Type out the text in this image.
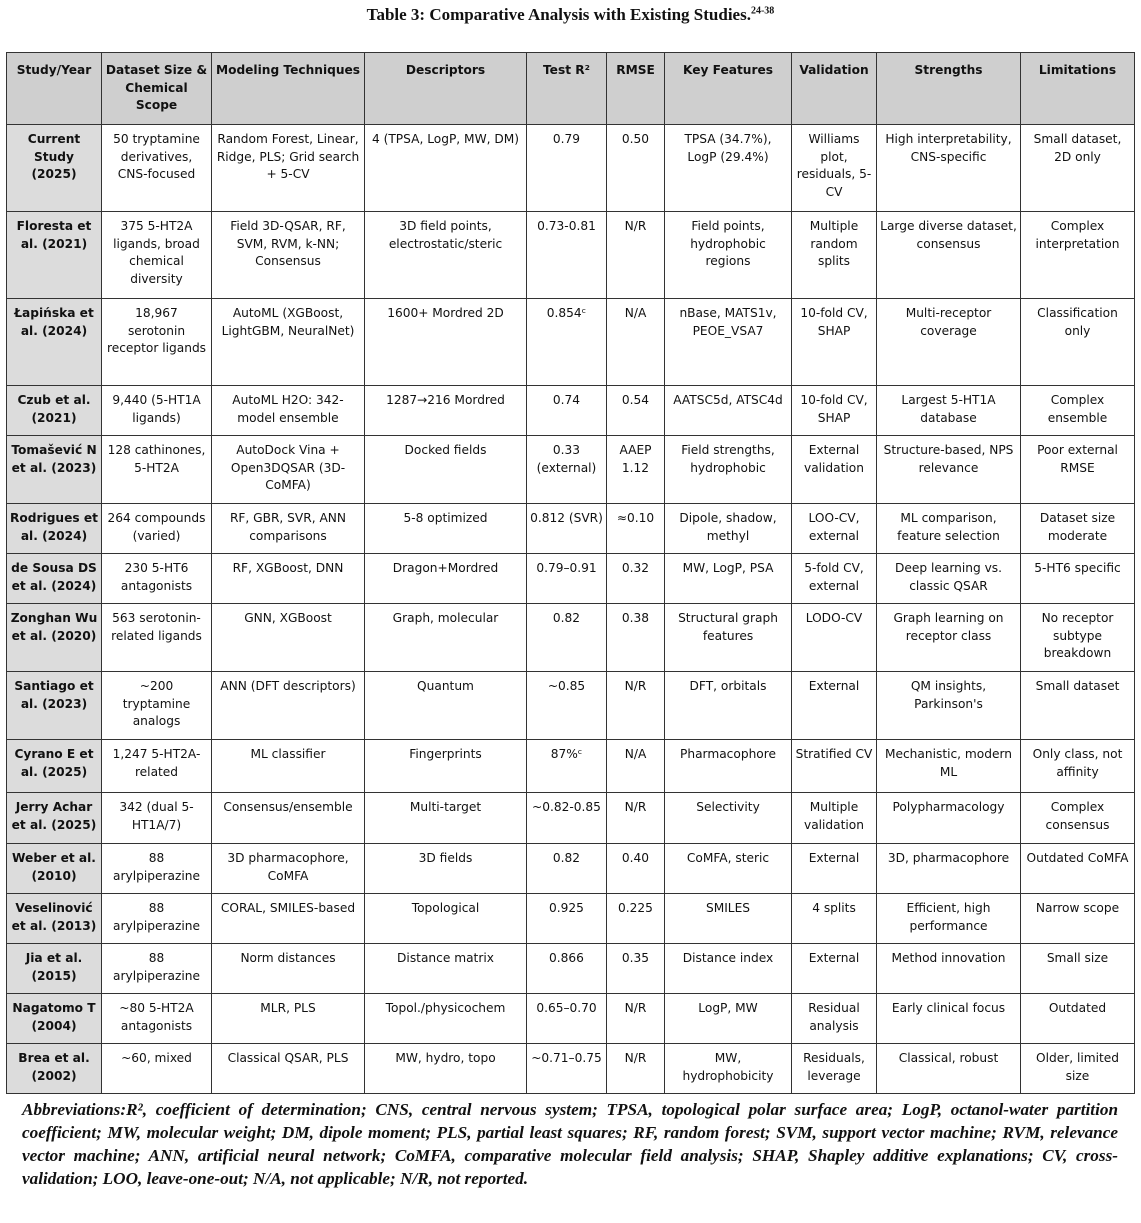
Table 3: Comparative Analysis with Existing Studies.$^{24-38}$
Study/Year	Dataset Size & Chemical Scope	Modeling Techniques	Descriptors	Test R²	RMSE	Key Features	Validation	Strengths	Limitations
Current Study (2025)	50 tryptamine derivatives, CNS-focused	Random Forest, Linear, Ridge, PLS; Grid search + 5-CV	4 (TPSA, LogP, MW, DM)	0.79	0.50	TPSA (34.7%), LogP (29.4%)	Williams plot, residuals, 5-CV	High interpretability, CNS-specific	Small dataset, 2D only
Floresta et al. (2021)	375 5-HT2A ligands, broad chemical diversity	Field 3D-QSAR, RF, SVM, RVM, k-NN; Consensus	3D field points, electrostatic/steric	0.73-0.81	N/R	Field points, hydrophobic regions	Multiple random splits	Large diverse dataset, consensus	Complex interpretation
Łapińska et al. (2024)	18,967 serotonin receptor ligands	AutoML (XGBoost, LightGBM, NeuralNet)	1600+ Mordred 2D	0.854ᶜ	N/A	nBase, MATS1v, PEOE_VSA7	10-fold CV, SHAP	Multi-receptor coverage	Classification only
Czub et al. (2021)	9,440 (5-HT1A ligands)	AutoML H2O: 342-model ensemble	1287→216 Mordred	0.74	0.54	AATSC5d, ATSC4d	10-fold CV, SHAP	Largest 5-HT1A database	Complex ensemble
Tomašević N et al. (2023)	128 cathinones, 5-HT2A	AutoDock Vina + Open3DQSAR (3D-CoMFA)	Docked fields	0.33 (external)	AAEP 1.12	Field strengths, hydrophobic	External validation	Structure-based, NPS relevance	Poor external RMSE
Rodrigues et al. (2024)	264 compounds (varied)	RF, GBR, SVR, ANN comparisons	5-8 optimized	0.812 (SVR)	≈0.10	Dipole, shadow, methyl	LOO-CV, external	ML comparison, feature selection	Dataset size moderate
de Sousa DS et al. (2024)	230 5-HT6 antagonists	RF, XGBoost, DNN	Dragon+Mordred	0.79–0.91	0.32	MW, LogP, PSA	5-fold CV, external	Deep learning vs. classic QSAR	5-HT6 specific
Zonghan Wu et al. (2020)	563 serotonin-related ligands	GNN, XGBoost	Graph, molecular	0.82	0.38	Structural graph features	LODO-CV	Graph learning on receptor class	No receptor subtype breakdown
Santiago et al. (2023)	~200 tryptamine analogs	ANN (DFT descriptors)	Quantum	~0.85	N/R	DFT, orbitals	External	QM insights, Parkinson's	Small dataset
Cyrano E et al. (2025)	1,247 5-HT2A-related	ML classifier	Fingerprints	87%ᶜ	N/A	Pharmacophore	Stratified CV	Mechanistic, modern ML	Only class, not affinity
Jerry Achar et al. (2025)	342 (dual 5-HT1A/7)	Consensus/ensemble	Multi-target	~0.82-0.85	N/R	Selectivity	Multiple validation	Polypharmacology	Complex consensus
Weber et al. (2010)	88 arylpiperazine	3D pharmacophore, CoMFA	3D fields	0.82	0.40	CoMFA, steric	External	3D, pharmacophore	Outdated CoMFA
Veselinović et al. (2013)	88 arylpiperazine	CORAL, SMILES-based	Topological	0.925	0.225	SMILES	4 splits	Efficient, high performance	Narrow scope
Jia et al. (2015)	88 arylpiperazine	Norm distances	Distance matrix	0.866	0.35	Distance index	External	Method innovation	Small size
Nagatomo T (2004)	~80 5-HT2A antagonists	MLR, PLS	Topol./physicochem	0.65–0.70	N/R	LogP, MW	Residual analysis	Early clinical focus	Outdated
Brea et al. (2002)	~60, mixed	Classical QSAR, PLS	MW, hydro, topo	~0.71–0.75	N/R	MW, hydrophobicity	Residuals, leverage	Classical, robust	Older, limited size
Abbreviations:R², coefficient of determination; CNS, central nervous system; TPSA, topological polar surface area; LogP, octanol-water partition coefficient; MW, molecular weight; DM, dipole moment; PLS, partial least squares; RF, random forest; SVM, support vector machine; RVM, relevance vector machine; ANN, artificial neural network; CoMFA, comparative molecular field analysis; SHAP, Shapley additive explanations; CV, cross-validation; LOO, leave-one-out; N/A, not applicable; N/R, not reported.
